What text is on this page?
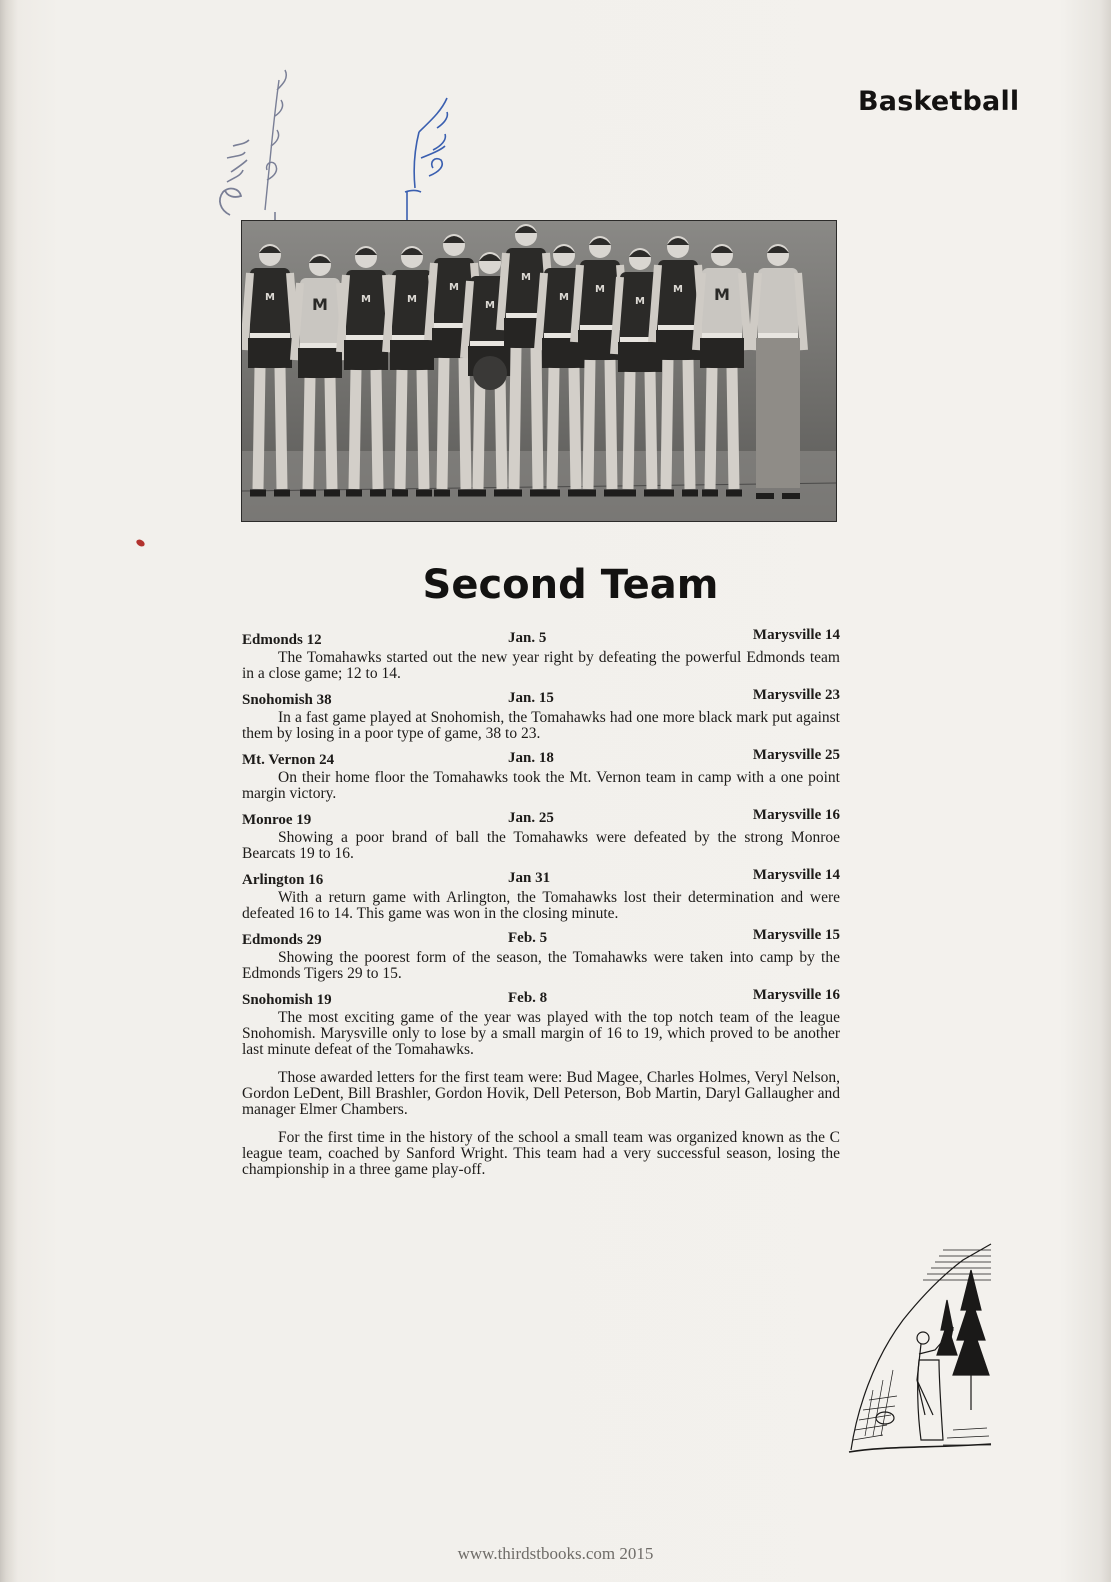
Basketball
M M	M	M
M
M
M
M
M
M
M M
Second Team
Edmonds 12	Jan. 5	Marysville 14

The Tomahawks started out the new year right by defeating the powerful Edmonds team in a close game; 12 to 14.

Snohomish 38	Jan. 15	Marysville 23

In a fast game played at Snohomish, the Tomahawks had one more black mark put against them by losing in a poor type of game, 38 to 23.

Mt. Vernon 24	Jan. 18	Marysville 25

On their home floor the Tomahawks took the Mt. Vernon team in camp with a one point margin victory.

Monroe 19	Jan. 25	Marysville 16

Showing a poor brand of ball the Tomahawks were defeated by the strong Monroe Bearcats 19 to 16.

Arlington 16	Jan 31	Marysville 14

With a return game with Arlington, the Tomahawks lost their determination and were defeated 16 to 14. This game was won in the closing minute.

Edmonds 29	Feb. 5	Marysville 15

Showing the poorest form of the season, the Tomahawks were taken into camp by the Edmonds Tigers 29 to 15.

Snohomish 19	Feb. 8	Marysville 16

The most exciting game of the year was played with the top notch team of the league Snohomish. Marysville only to lose by a small margin of 16 to 19, which proved to be another last minute defeat of the Tomahawks.

Those awarded letters for the first team were: Bud Magee, Charles Holmes, Veryl Nelson, Gordon LeDent, Bill Brashler, Gordon Hovik, Dell Peterson, Bob Martin, Daryl Gallaugher and manager Elmer Chambers.

For the first time in the history of the school a small team was organized known as the C league team, coached by Sanford Wright. This team had a very successful season, losing the championship in a three game play-off.

www.thirdstbooks.com 2015
